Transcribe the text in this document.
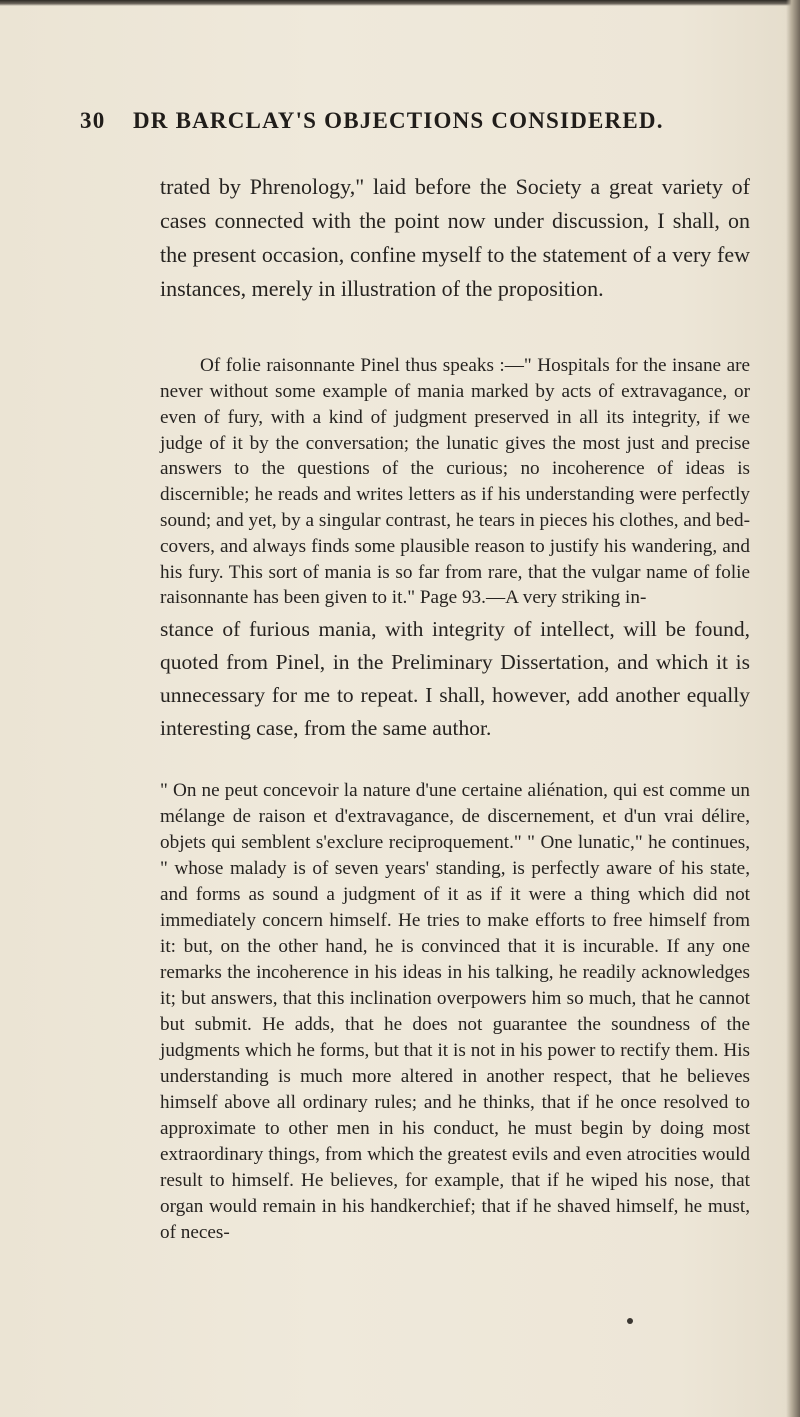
30 DR BARCLAY'S OBJECTIONS CONSIDERED.

trated by Phrenology," laid before the Society a great variety of cases connected with the point now under discussion, I shall, on the present occasion, confine myself to the statement of a very few instances, merely in illustration of the proposition.

Of folie raisonnante Pinel thus speaks :—" Hospitals for the insane are never without some example of mania marked by acts of extravagance, or even of fury, with a kind of judgment preserved in all its integrity, if we judge of it by the conversation; the lunatic gives the most just and precise answers to the questions of the curious; no incoherence of ideas is discernible; he reads and writes letters as if his understanding were perfectly sound; and yet, by a singular contrast, he tears in pieces his clothes, and bed-covers, and always finds some plausible reason to justify his wandering, and his fury. This sort of mania is so far from rare, that the vulgar name of folie raisonnante has been given to it." Page 93.—A very striking in-

stance of furious mania, with integrity of intellect, will be found, quoted from Pinel, in the Preliminary Dissertation, and which it is unnecessary for me to repeat. I shall, however, add another equally interesting case, from the same author.

" On ne peut concevoir la nature d'une certaine aliénation, qui est comme un mélange de raison et d'extravagance, de discernement, et d'un vrai délire, objets qui semblent s'exclure reciproquement." " One lunatic," he continues, " whose malady is of seven years' standing, is perfectly aware of his state, and forms as sound a judgment of it as if it were a thing which did not immediately concern himself. He tries to make efforts to free himself from it: but, on the other hand, he is convinced that it is incurable. If any one remarks the incoherence in his ideas in his talking, he readily acknowledges it; but answers, that this inclination overpowers him so much, that he cannot but submit. He adds, that he does not guarantee the soundness of the judgments which he forms, but that it is not in his power to rectify them. His understanding is much more altered in another respect, that he believes himself above all ordinary rules; and he thinks, that if he once resolved to approximate to other men in his conduct, he must begin by doing most extraordinary things, from which the greatest evils and even atrocities would result to himself. He believes, for example, that if he wiped his nose, that organ would remain in his handkerchief; that if he shaved himself, he must, of neces-
